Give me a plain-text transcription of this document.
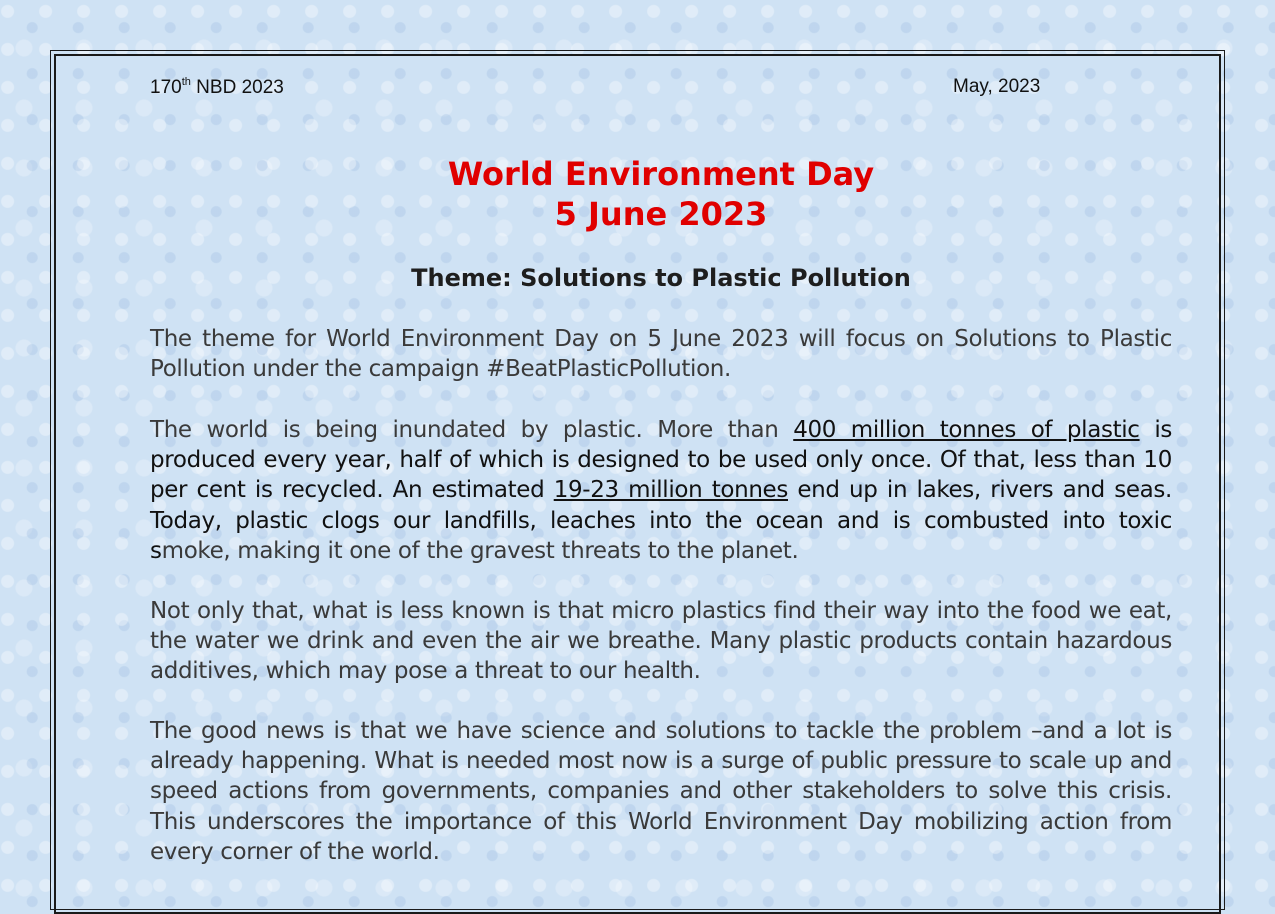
170th NBD 2023	May, 2023
World Environment Day
5 June 2023
Theme: Solutions to Plastic Pollution

The theme for World Environment Day on 5 June 2023 will focus on Solutions to Plastic Pollution under the campaign #BeatPlasticPollution.

The world is being inundated by plastic. More than 400 million tonnes of plastic is produced every year, half of which is designed to be used only once. Of that, less than 10 per cent is recycled. An estimated 19-23 million tonnes end up in lakes, rivers and seas. Today, plastic clogs our landfills, leaches into the ocean and is combusted into toxic smoke, making it one of the gravest threats to the planet.

Not only that, what is less known is that micro plastics find their way into the food we eat, the water we drink and even the air we breathe. Many plastic products contain hazardous additives, which may pose a threat to our health.

The good news is that we have science and solutions to tackle the problem –and a lot is already happening. What is needed most now is a surge of public pressure to scale up and speed actions from governments, companies and other stakeholders to solve this crisis. This underscores the importance of this World Environment Day mobilizing action from every corner of the world.
